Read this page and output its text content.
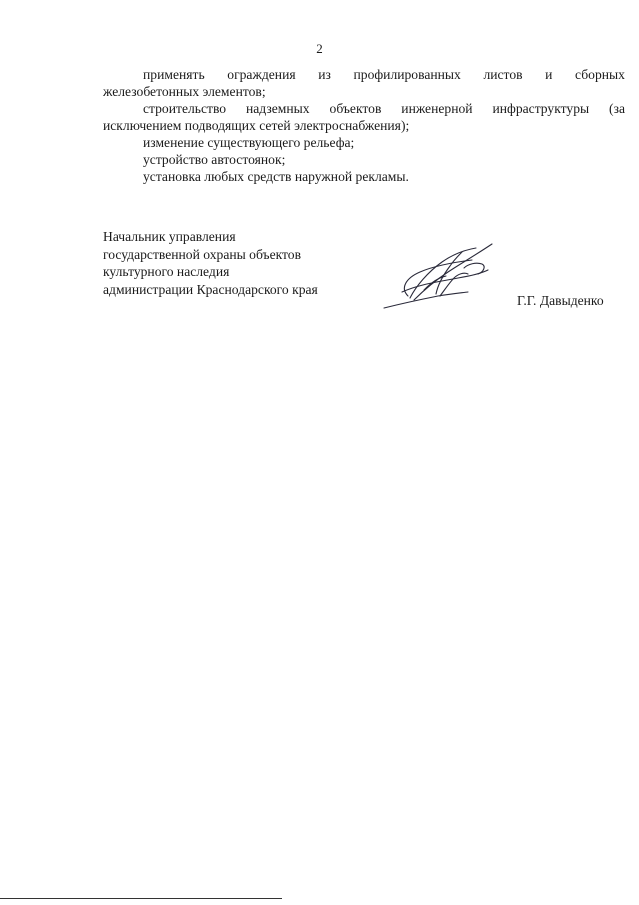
2
применять ограждения из профилированных листов и сборных
железобетонных элементов;
строительство надземных объектов инженерной инфраструктуры (за
исключением подводящих сетей электроснабжения);
изменение существующего рельефа;
устройство автостоянок;
установка любых средств наружной рекламы.
Начальник управления
государственной охраны объектов
культурного наследия
администрации Краснодарского края
Г.Г. Давыденко
